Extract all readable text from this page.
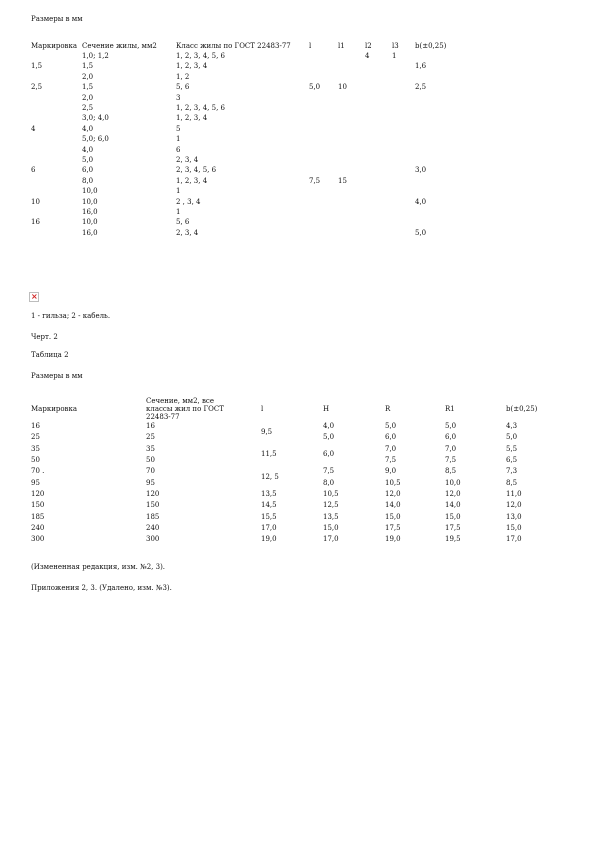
Размеры в мм
Маркировка	Сечение жилы, мм2	Класс жилы по ГОСТ 22483-77	l	l1	l2	l3	b(±0,25)
	1,0; 1,2	1, 2, 3, 4, 5, 6			4	1	
1,5	1,5	1, 2, 3, 4					1,6
	2,0	1, 2					
2,5	1,5	5, 6	5,0	10			2,5
	2,0	3					
	2,5	1, 2, 3, 4, 5, 6					
	3,0; 4,0	1, 2, 3, 4					
4	4,0	5					
	5,0; 6,0	1					
	4,0	6					
	5,0	2, 3, 4					
6	6,0	2, 3, 4, 5, 6					3,0
	8,0	1, 2, 3, 4	7,5	15			
	10,0	1					
10	10,0	2 , 3, 4					4,0
	16,0	1					
16	10,0	5, 6					
	16,0	2, 3, 4					5,0
×
1 - гильза; 2 - кабель.
Черт. 2
Таблица 2
Размеры в мм
Маркировка	Сечение, мм2, все классы жил по ГОСТ 22483-77	l	H	R	R1	b(±0,25)
16	16	9,5	4,0	5,0	5,0	4,3
25	25		5,0	6,0	6,0	5,0
35	35	11,5	6,0	7,0	7,0	5,5
50	50			7,5	7,5	6,5
70 .	70	12, 5	7,5	9,0	8,5	7,3
95	95		8,0	10,5	10,0	8,5
120	120	13,5	10,5	12,0	12,0	11,0
150	150	14,5	12,5	14,0	14,0	12,0
185	185	15,5	13,5	15,0	15,0	13,0
240	240	17,0	15,0	17,5	17,5	15,0
300	300	19,0	17,0	19,0	19,5	17,0
(Измененная редакция, изм. №2, 3).
Приложения 2, 3. (Удалено, изм. №3).
